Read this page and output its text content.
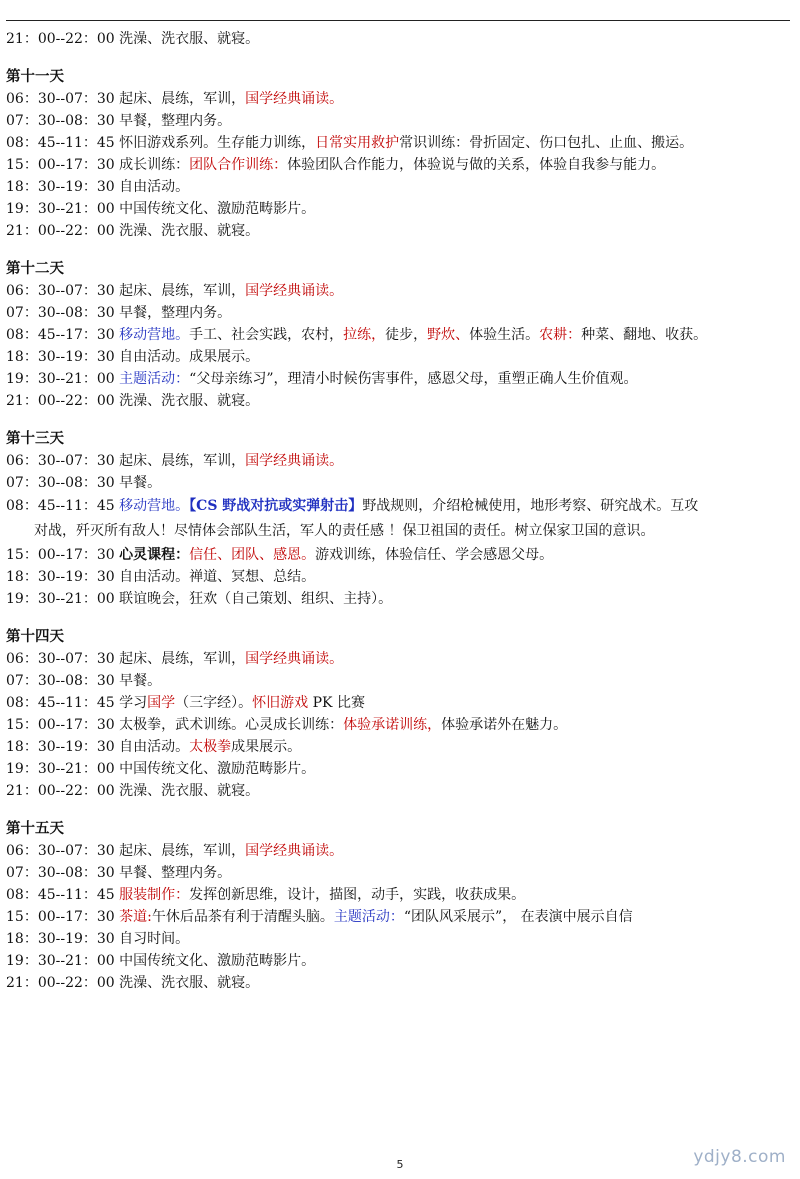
21：00--22：00 洗澡、洗衣服、就寝。
第十一天
06：30--07：30 起床、晨练，军训，国学经典诵读。
07：30--08：30 早餐，整理内务。
08：45--11：45 怀旧游戏系列。生存能力训练，日常实用救护常识训练：骨折固定、伤口包扎、止血、搬运。
15：00--17：30 成长训练：团队合作训练：体验团队合作能力，体验说与做的关系，体验自我参与能力。
18：30--19：30 自由活动。
19：30--21：00 中国传统文化、激励范畴影片。
21：00--22：00 洗澡、洗衣服、就寝。
第十二天
06：30--07：30 起床、晨练，军训，国学经典诵读。
07：30--08：30 早餐，整理内务。
08：45--17：30 移动营地。手工、社会实践，农村，拉练，徒步，野炊、体验生活。农耕：种菜、翻地、收获。
18：30--19：30 自由活动。成果展示。
19：30--21：00 主题活动：“父母亲练习”，理清小时候伤害事件，感恩父母，重塑正确人生价值观。
21：00--22：00 洗澡、洗衣服、就寝。
第十三天
06：30--07：30 起床、晨练，军训，国学经典诵读。
07：30--08：30 早餐。
08：45--11：45 移动营地。【CS 野战对抗或实弹射击】野战规则，介绍枪械使用，地形考察、研究战术。互攻
对战，歼灭所有敌人！尽情体会部队生活，军人的责任感 ！保卫祖国的责任。树立保家卫国的意识。
15：00--17：30 心灵课程：信任、团队、感恩。游戏训练，体验信任、学会感恩父母。
18：30--19：30 自由活动。禅道、冥想、总结。
19：30--21：00 联谊晚会，狂欢（自己策划、组织、主持）。
第十四天
06：30--07：30 起床、晨练，军训，国学经典诵读。
07：30--08：30 早餐。
08：45--11：45 学习国学（三字经）。怀旧游戏 PK 比赛
15：00--17：30 太极拳，武术训练。心灵成长训练：体验承诺训练，体验承诺外在魅力。
18：30--19：30 自由活动。太极拳成果展示。
19：30--21：00 中国传统文化、激励范畴影片。
21：00--22：00 洗澡、洗衣服、就寝。
第十五天
06：30--07：30 起床、晨练，军训，国学经典诵读。
07：30--08：30 早餐、整理内务。
08：45--11：45 服装制作：发挥创新思维，设计，描图，动手，实践，收获成果。
15：00--17：30 茶道:午休后品茶有利于清醒头脑。主题活动：“团队风采展示”， 在表演中展示自信
18：30--19：30 自习时间。
19：30--21：00 中国传统文化、激励范畴影片。
21：00--22：00 洗澡、洗衣服、就寝。
5	ydjy8.com
